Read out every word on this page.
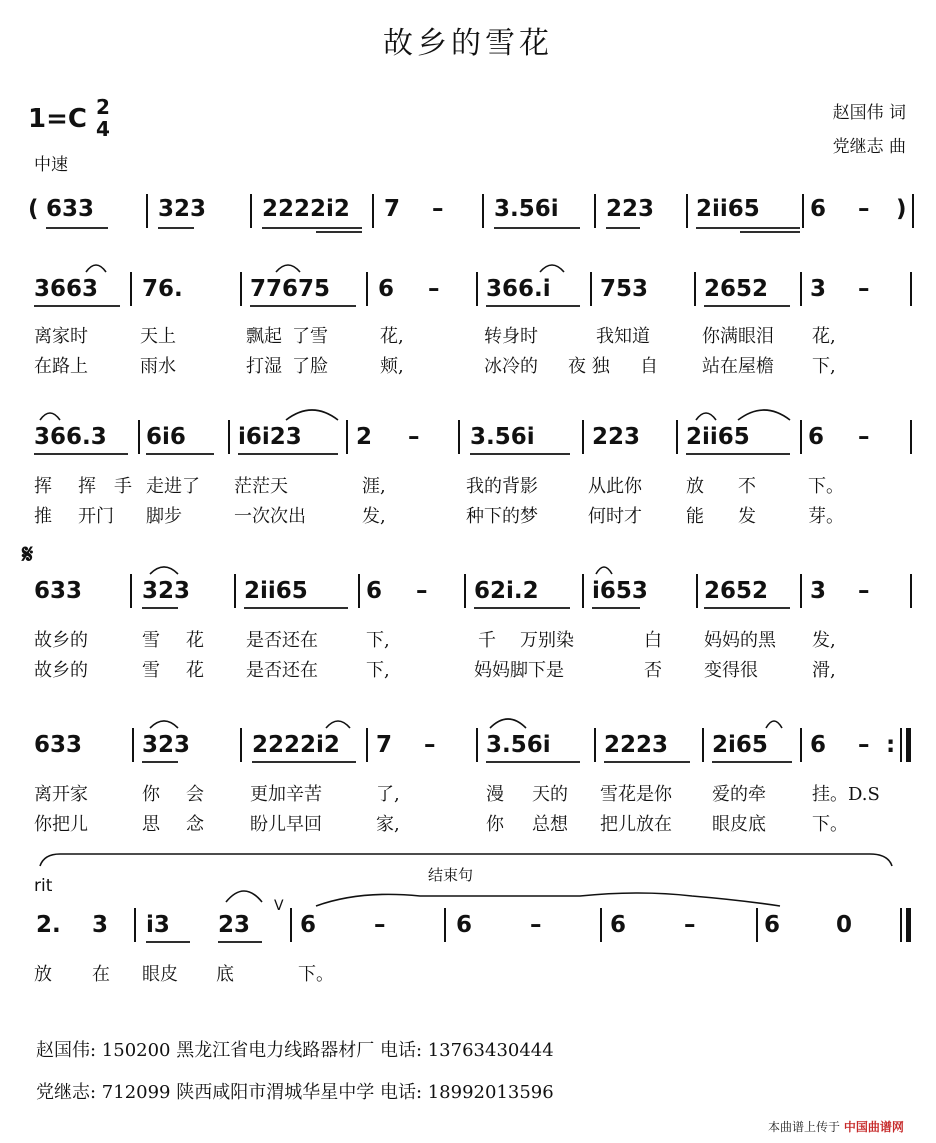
故乡的雪花
1=C 2
4
中速
赵国伟 词
党继志 曲
( 633	323 2222i2 7 – 3.56i 223 2ii65 6 – )
3663 76.	77675 6 – 366.i 753 2652 3 –
离家时	天上	飘起 了雪	花,	转身时	我知道	你满眼泪 花,
在路上	雨水	打湿 了脸	颊,	冰冷的 夜 独 自 站在屋檐 下,
366.3 6i6 i6i23 2 – 3.56i 223 2ii65	6 –
挥 挥 手 走进了 茫茫天	涯,	我的背影	从此你 放 不	下。
推 开门 脚步	一次次出	发,	种下的梦	何时才 能 发	芽。
𝄋
633	323 2ii65	6 – 62i.2 i653 2652 3 –
故乡的	雪 花 是否还在	下,	千 万别染	白 妈妈的黑 发,
故乡的	雪 花 是否还在	下,	妈妈脚下是	否 变得很	滑,
633	323	2222i2 7 – 3.56i 2223 2i65 6 – :
离开家	你 会	更加辛苦	了,	漫 天的 雪花是你 爱的牵	挂。D.S
你把儿	思 念	盼儿早回	家,	你 总想 把儿放在 眼皮底	下。
结束句
rit
2. 3 i3 23
V
6	–	6	–	6	–	6 0
放 在 眼皮 底	下。
赵国伟: 150200 黑龙江省电力线路器材厂 电话: 13763430444
党继志: 712099 陕西咸阳市渭城华星中学 电话: 18992013596
本曲谱上传于 中国曲谱网
